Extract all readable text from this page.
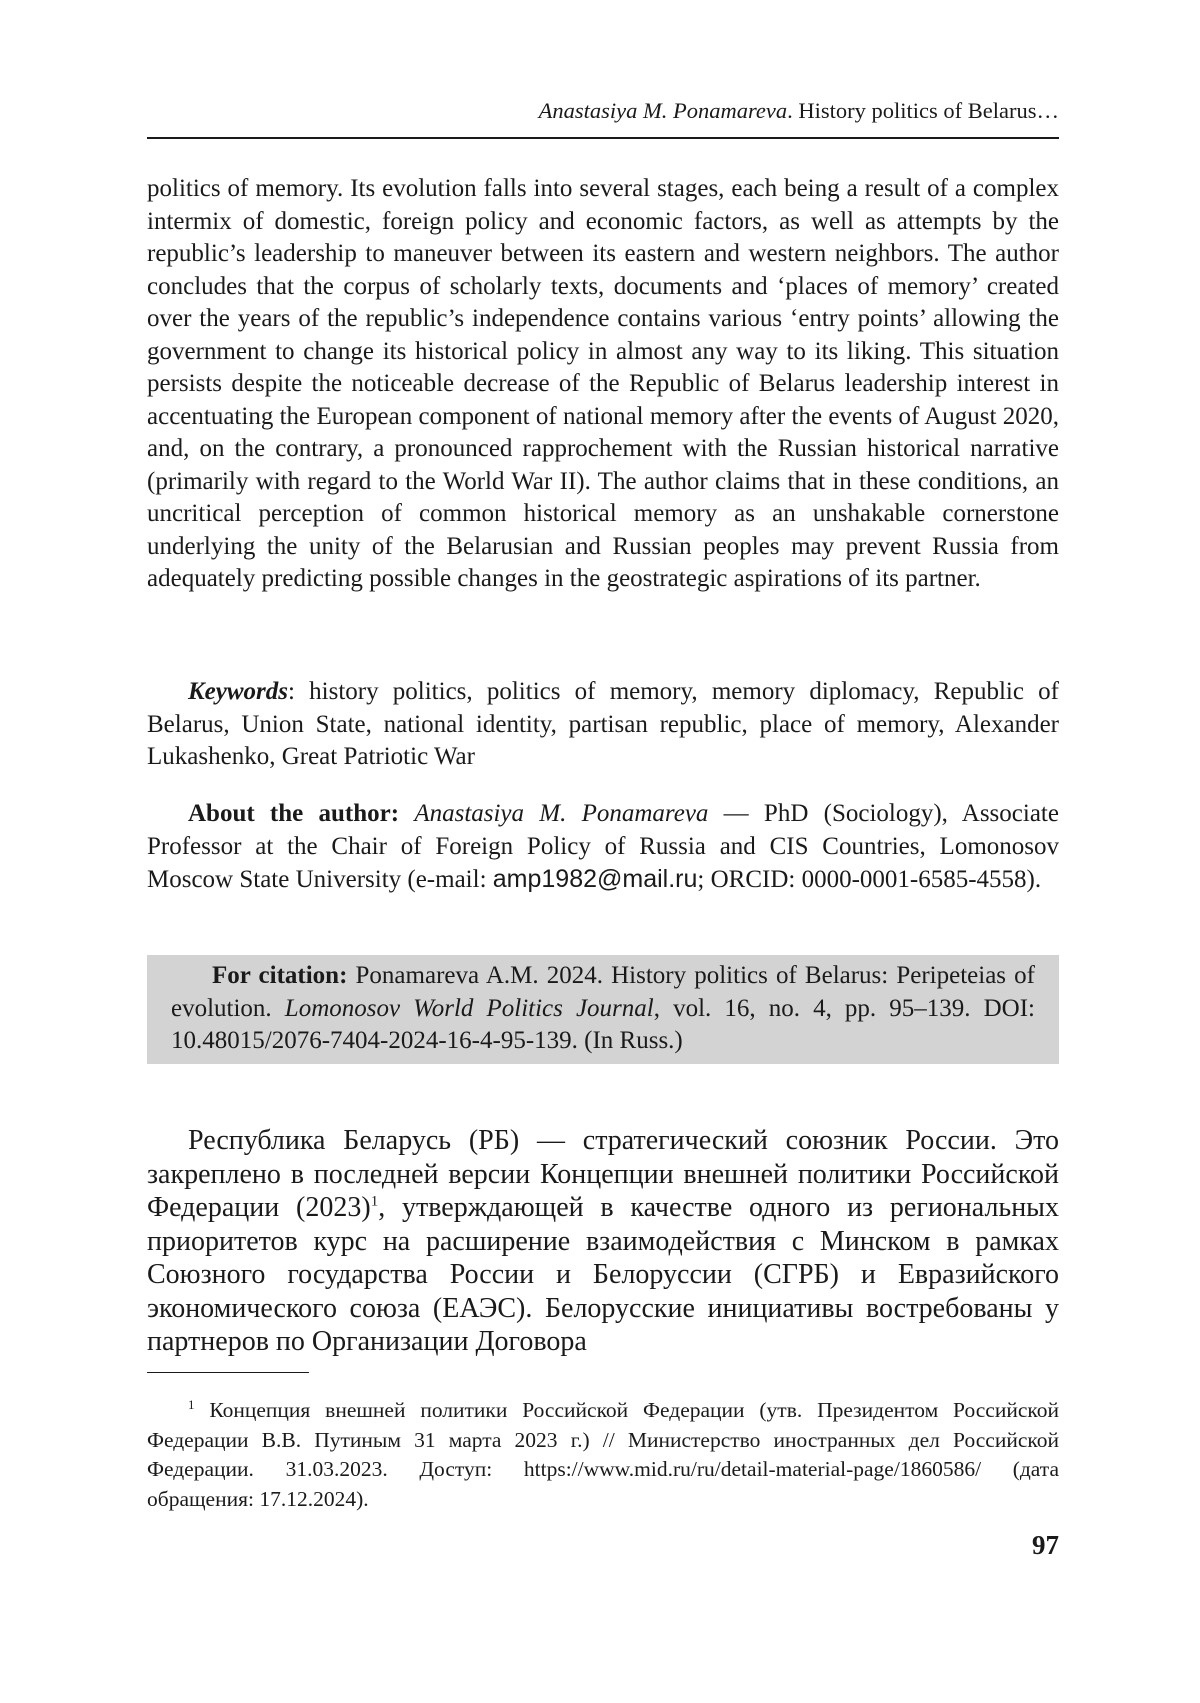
Anastasiya M. Ponamareva. History politics of Belarus…

politics of memory. Its evolution falls into several stages, each being a result of a complex intermix of domestic, foreign policy and economic factors, as well as attempts by the republic’s leadership to maneuver between its eastern and western neighbors. The author concludes that the corpus of scholarly texts, documents and ‘places of memory’ created over the years of the republic’s independence contains various ‘entry points’ allowing the government to change its historical policy in almost any way to its liking. This situation persists despite the noticeable decrease of the Republic of Belarus leadership interest in accentuating the European component of national memory after the events of August 2020, and, on the contrary, a pronounced rapprochement with the Russian historical narrative (primarily with regard to the World War II). The author claims that in these conditions, an uncritical perception of common historical memory as an unshakable cornerstone underlying the unity of the Belarusian and Russian peoples may prevent Russia from adequately predicting possible changes in the geostrategic aspirations of its partner.

Keywords: history politics, politics of memory, memory diplomacy, Republic of Belarus, Union State, national identity, partisan republic, place of memory, Alexander Lukashenko, Great Patriotic War

About the author: Anastasiya M. Ponamareva — PhD (Sociology), Associate Professor at the Chair of Foreign Policy of Russia and CIS Countries, Lomonosov Moscow State University (e-mail: amp1982@mail.ru; ORCID: 0000-0001-6585-4558).

For citation: Ponamareva A.M. 2024. History politics of Belarus: Peripeteias of evolution. Lomonosov World Politics Journal, vol. 16, no. 4, pp. 95–139. DOI: 10.48015/2076-7404-2024-16-4-95-139. (In Russ.)

Республика Беларусь (РБ) — стратегический союзник России. Это закреплено в последней версии Концепции внешней политики Российской Федерации (2023)$^1$, утверждающей в качестве одного из региональных приоритетов курс на расширение взаимодействия с Минском в рамках Союзного государства России и Белоруссии (СГРБ) и Евразийского экономического союза (ЕАЭС). Белорусские инициативы востребованы у партнеров по Организации Договора

$^1$ Концепция внешней политики Российской Федерации (утв. Президентом Российской Федерации В.В. Путиным 31 марта 2023 г.) // Министерство иностранных дел Российской Федерации. 31.03.2023. Доступ: https://www.mid.ru/ru/detail-material-page/1860586/ (дата обращения: 17.12.2024).

97
